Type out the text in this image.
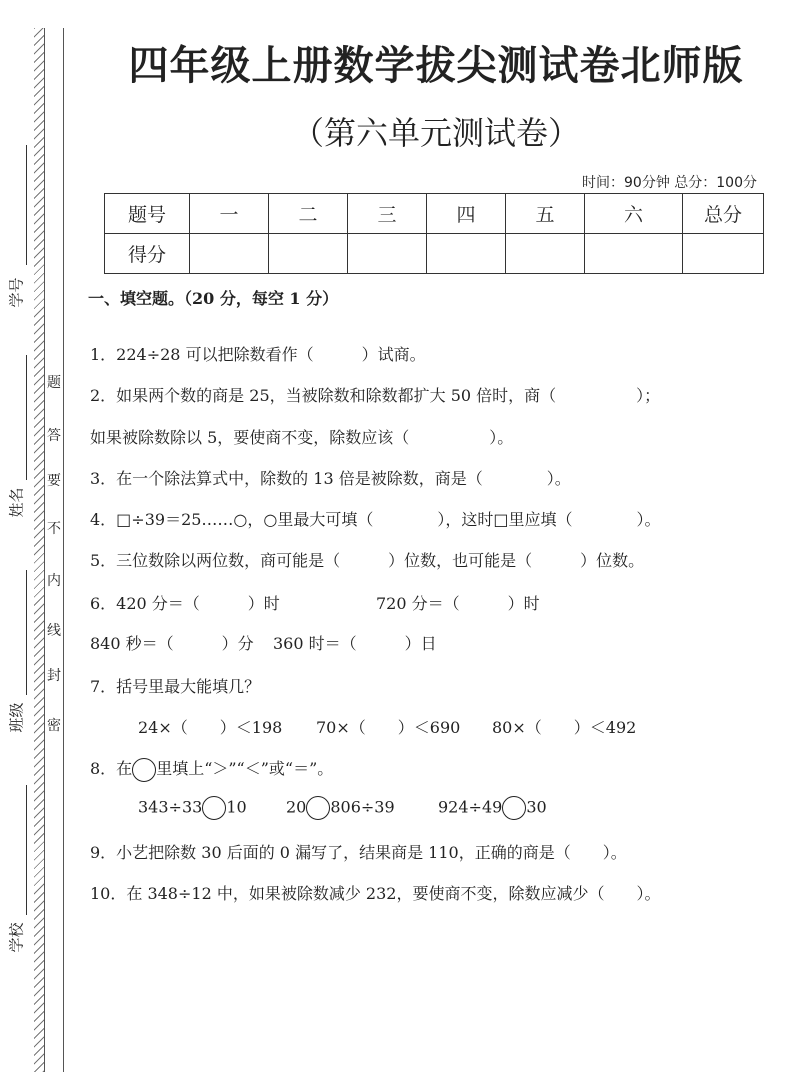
学号
姓名
班级
学校
题
答
要
不
内
线
封
密
四年级上册数学拔尖测试卷北师版
（第六单元测试卷）
时间：90分钟 总分：100分
题号	一	二	三	四	五	六	总分
得分							
一、填空题。（20 分，每空 1 分）
1．224÷28 可以把除数看作（　　　）试商。
2．如果两个数的商是 25，当被除数和除数都扩大 50 倍时，商（　　　　　）；
如果被除数除以 5，要使商不变，除数应该（　　　　　）。
3．在一个除法算式中，除数的 13 倍是被除数，商是（　　　　）。
4．□÷39＝25……○，○里最大可填（　　　　），这时□里应填（　　　　）。
5．三位数除以两位数，商可能是（　　　）位数，也可能是（　　　）位数。
6．420 分＝（　　　）时	720 分＝（　　　）时
840 秒＝（　　　）分 360 时＝（　　　）日
7．括号里最大能填几？
24×（　　）＜198 70×（　　）＜690 80×（　　）＜492
8．在 里填上“＞”“＜”或“＝”。
343÷33 10 20 806÷39	924÷49 30
9．小艺把除数 30 后面的 0 漏写了，结果商是 110，正确的商是（　　）。
10．在 348÷12 中，如果被除数减少 232，要使商不变，除数应减少（　　）。
